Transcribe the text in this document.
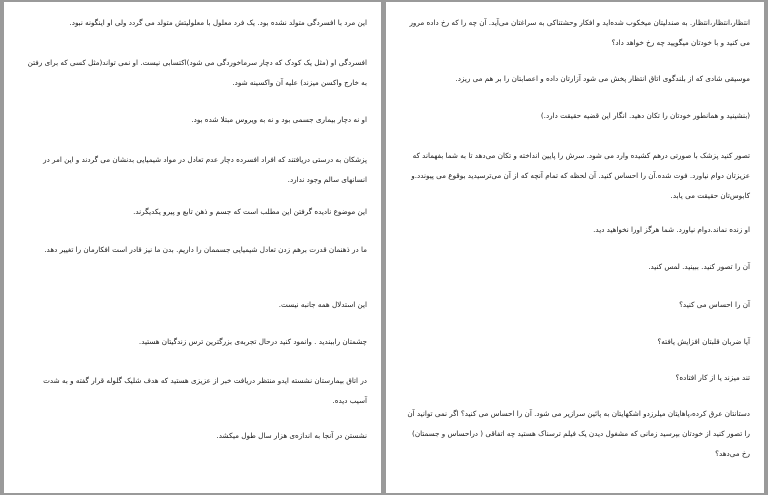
این مرد با افسردگی متولد نشده بود. یک فرد معلول با معلولیتش متولد می گردد ولی او اینگونه نبود.

افسردگی او (مثل یک کودک که دچار سرماخوردگی می شود)اکتسابی نیست. او نمی تواند(مثل کسی که برای رفتن به خارج واکسن میزند) علیه آن واکسینه شود.

او نه دچار بیماری جسمی بود و نه به ویروس مبتلا شده بود.

پزشکان به درستی دریافتند که افراد افسرده دچار عدم تعادل در مواد شیمیایی بدنشان می گردند و این امر در انسانهای سالم وجود ندارد.

این موضوع نادیده گرفتن این مطلب است که جسم و ذهن تابع و پیرو یکدیگرند.

ما در ذهنمان قدرت برهم زدن تعادل شیمیایی جسممان را داریم. بدن ما نیز قادر است افکارمان را تغییر دهد.

این استدلال همه جانبه نیست.

چشمتان راببندید . وانمود کنید درحال تجربه‌ی بزرگترین ترس زندگیتان هستید.

در اتاق بیمارستان نشسته ایدو منتظر دریافت خبر از عزیزی هستید که هدف شلیک گلوله قرار گفته و به شدت آسیب دیده.

نشستن در آنجا به اندازه‌ی هزار سال طول میکشد.

انتظار،انتظار،انتظار. به صندلیتان میخکوب شده‌اید و افکار وحشتناکی به سراغتان می‌آید. آن چه را که رخ داده مرور می کنید و با خودتان میگویید چه رخ خواهد داد؟

موسیقی شادی که از بلندگوی اتاق انتظار پخش می شود آزارتان داده و اعصابتان را بر هم می ریزد.

(بنشینید و همانطور خودتان را تکان دهید. انگار این قضیه حقیقت دارد.)

تصور کنید پزشک با صورتی درهم کشیده وارد می شود. سرش را پایین انداخته و تکان می‌دهد تا به شما بفهماند که عزیزتان دوام نیاورد. فوت شده.آن را احساس کنید. آن لحظه که تمام آنچه که از آن می‌ترسیدید بوقوع می پیوندد.و کابوس‌تان حقیقت می یابد.

او زنده نماند.دوام نیاورد. شما هرگز اورا نخواهید دید.

آن را تصور کنید. ببینید. لمس کنید.

آن را احساس می کنید؟

آیا ضربان قلبتان افزایش یافته؟

تند میزند یا از کار افتاده؟

دستانتان عرق کرده،پاهایتان میلرزدو اشکهایتان به پائین سرازیر می شود. آن را احساس می کنید؟ اگر نمی توانید آن را تصور کنید از خودتان بپرسید زمانی که مشغول دیدن یک فیلم ترسناک هستید چه اتفاقی ( دراحساس و جسمتان) رخ می‌دهد؟
